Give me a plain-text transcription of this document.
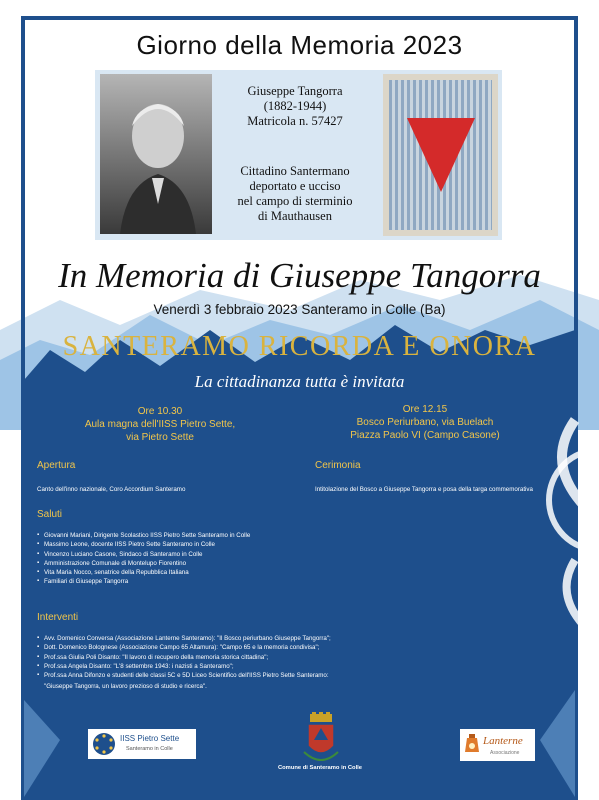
Giorno della Memoria 2023
Giuseppe Tangorra
(1882-1944)
Matricola n. 57427
Cittadino Santermano
deportato e ucciso
nel campo di sterminio
di Mauthausen
In Memoria di Giuseppe Tangorra
Venerdì 3 febbraio 2023 Santeramo in Colle (Ba)
SANTERAMO RICORDA E ONORA
La cittadinanza tutta è invitata
Ore 10.30
Aula magna dell'IISS Pietro Sette,
via Pietro Sette
Ore 12.15
Bosco Periurbano, via Buelach
Piazza Paolo VI (Campo Casone)
Apertura
Canto dell'inno nazionale, Coro Accordium Santeramo
Cerimonia
Intitolazione del Bosco a Giuseppe Tangorra e posa della targa commemorativa
Saluti
▪ Giovanni Mariani, Dirigente Scolastico IISS Pietro Sette Santeramo in Colle
▪ Massimo Leone, docente IISS Pietro Sette Santeramo in Colle
▪ Vincenzo Luciano Casone, Sindaco di Santeramo in Colle
▪ Amministrazione Comunale di Montelupo Fiorentino
▪ Vita Maria Nocco, senatrice della Repubblica Italiana
▪ Familiari di Giuseppe Tangorra
Interventi
▪ Avv. Domenico Conversa (Associazione Lanterne Santeramo): "Il Bosco periurbano Giuseppe Tangorra";
▪ Dott. Domenico Bolognese (Associazione Campo 65 Altamura): "Campo 65 e la memoria condivisa";
▪ Prof.ssa Giulia Poli Disanto: "Il lavoro di recupero della memoria storica cittadina";
▪ Prof.ssa Angela Disanto: "L'8 settembre 1943: i nazisti a Santeramo";
▪ Prof.ssa Anna Difonzo e studenti delle classi 5C e 5D Liceo Scientifico dell'IISS Pietro Sette Santeramo:
"Giuseppe Tangorra, un lavoro prezioso di studio e ricerca".
IISS Pietro Sette
Santeramo in Colle
Comune di Santeramo in Colle
Lanterne
Associazione
